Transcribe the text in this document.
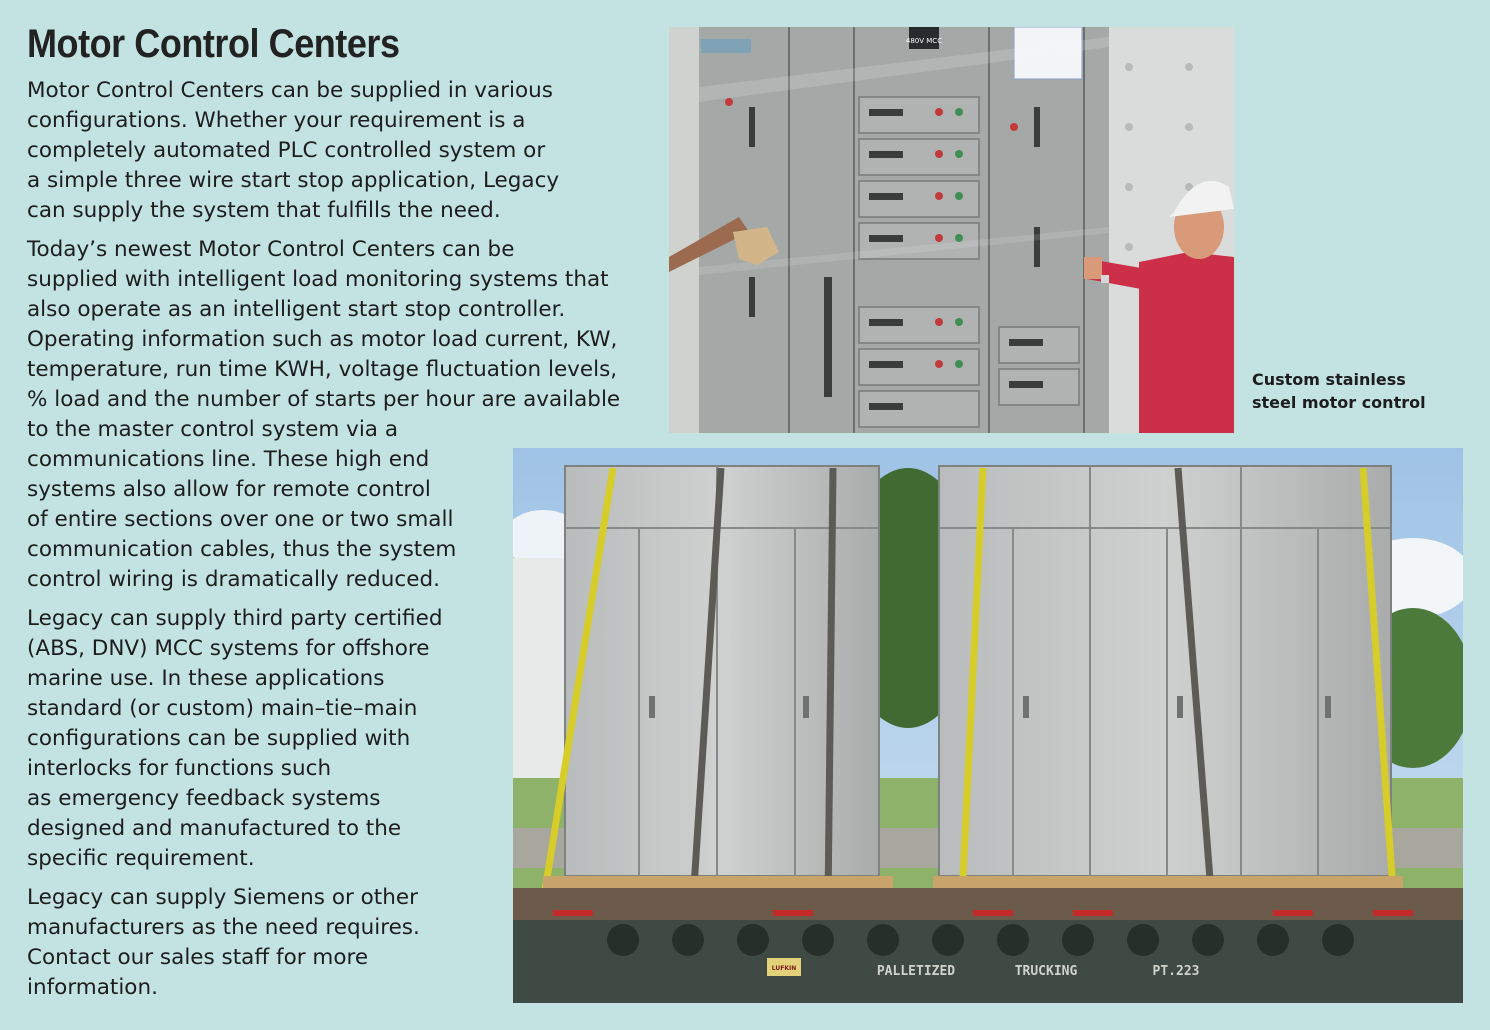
Motor Control Centers

Motor Control Centers can be supplied in various
configurations. Whether your requirement is a
completely automated PLC controlled system or
a simple three wire start stop application, Legacy
can supply the system that fulfills the need.

Today’s newest Motor Control Centers can be
supplied with intelligent load monitoring systems that
also operate as an intelligent start stop controller.
Operating information such as motor load current, KW,
temperature, run time KWH, voltage fluctuation levels,
% load and the number of starts per hour are available
to the master control system via a
communications line. These high end
systems also allow for remote control
of entire sections over one or two small
communication cables, thus the system
control wiring is dramatically reduced.

Legacy can supply third party certified
(ABS, DNV) MCC systems for offshore
marine use. In these applications
standard (or custom) main–tie–main
configurations can be supplied with
interlocks for functions such
as emergency feedback systems
designed and manufactured to the
specific requirement.

Legacy can supply Siemens or other
manufacturers as the need requires.
Contact our sales staff for more
information.

480V MCC
Custom stainless
steel motor control
LUFKIN	PALLETIZED	TRUCKING	PT.223
